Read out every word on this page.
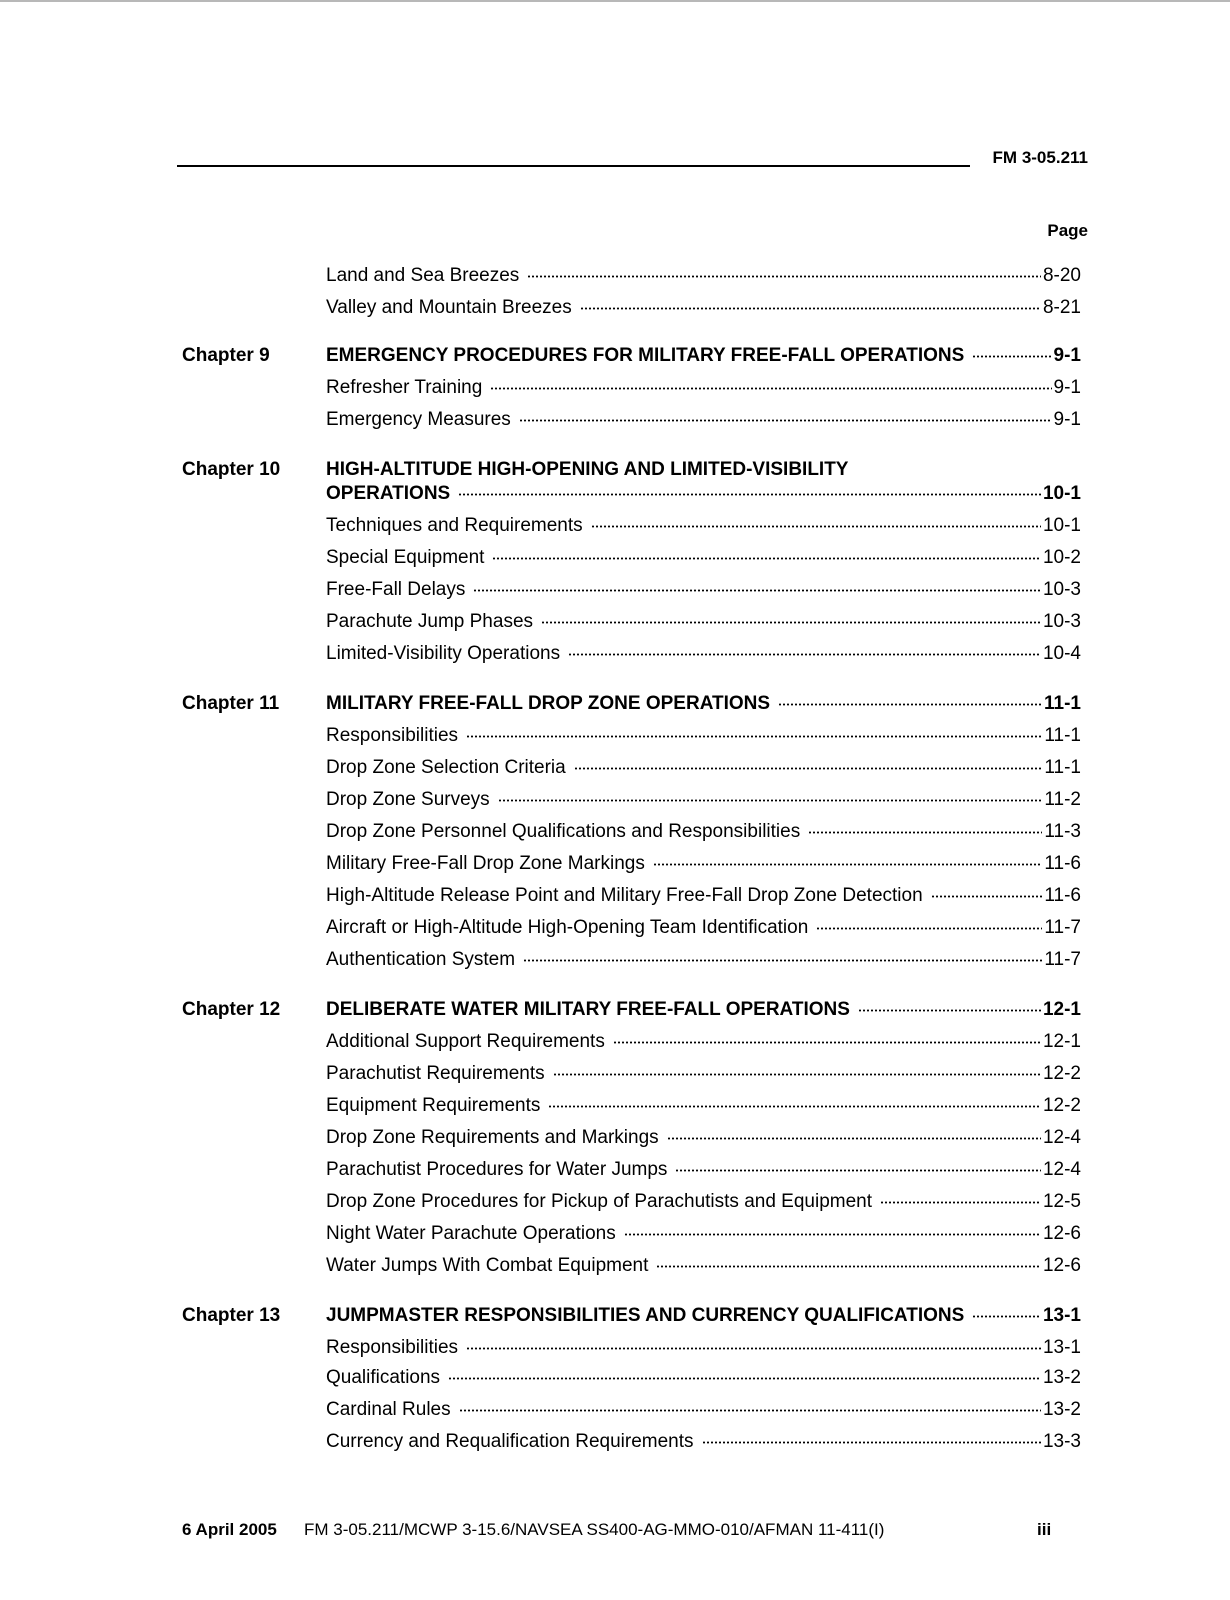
FM 3-05.211
Page
Land and Sea Breezes	8-20
Valley and Mountain Breezes	8-21
Chapter 9	EMERGENCY PROCEDURES FOR MILITARY FREE-FALL OPERATIONS	9-1
Refresher Training	9-1
Emergency Measures	9-1
Chapter 10 HIGH-ALTITUDE HIGH-OPENING AND LIMITED-VISIBILITY
OPERATIONS	10-1
Techniques and Requirements	10-1
Special Equipment	10-2
Free-Fall Delays	10-3
Parachute Jump Phases	10-3
Limited-Visibility Operations	10-4
Chapter 11 MILITARY FREE-FALL DROP ZONE OPERATIONS	11-1
Responsibilities	11-1
Drop Zone Selection Criteria	11-1
Drop Zone Surveys	11-2
Drop Zone Personnel Qualifications and Responsibilities	11-3
Military Free-Fall Drop Zone Markings	11-6
High-Altitude Release Point and Military Free-Fall Drop Zone Detection	11-6
Aircraft or High-Altitude High-Opening Team Identification	11-7
Authentication System	11-7
Chapter 12 DELIBERATE WATER MILITARY FREE-FALL OPERATIONS	12-1
Additional Support Requirements	12-1
Parachutist Requirements	12-2
Equipment Requirements	12-2
Drop Zone Requirements and Markings	12-4
Parachutist Procedures for Water Jumps	12-4
Drop Zone Procedures for Pickup of Parachutists and Equipment	12-5
Night Water Parachute Operations	12-6
Water Jumps With Combat Equipment	12-6
Chapter 13 JUMPMASTER RESPONSIBILITIES AND CURRENCY QUALIFICATIONS	13-1
Responsibilities	13-1
Qualifications	13-2
Cardinal Rules	13-2
Currency and Requalification Requirements	13-3
6 April 2005 FM 3-05.211/MCWP 3-15.6/NAVSEA SS400-AG-MMO-010/AFMAN 11-411(I)	iii
